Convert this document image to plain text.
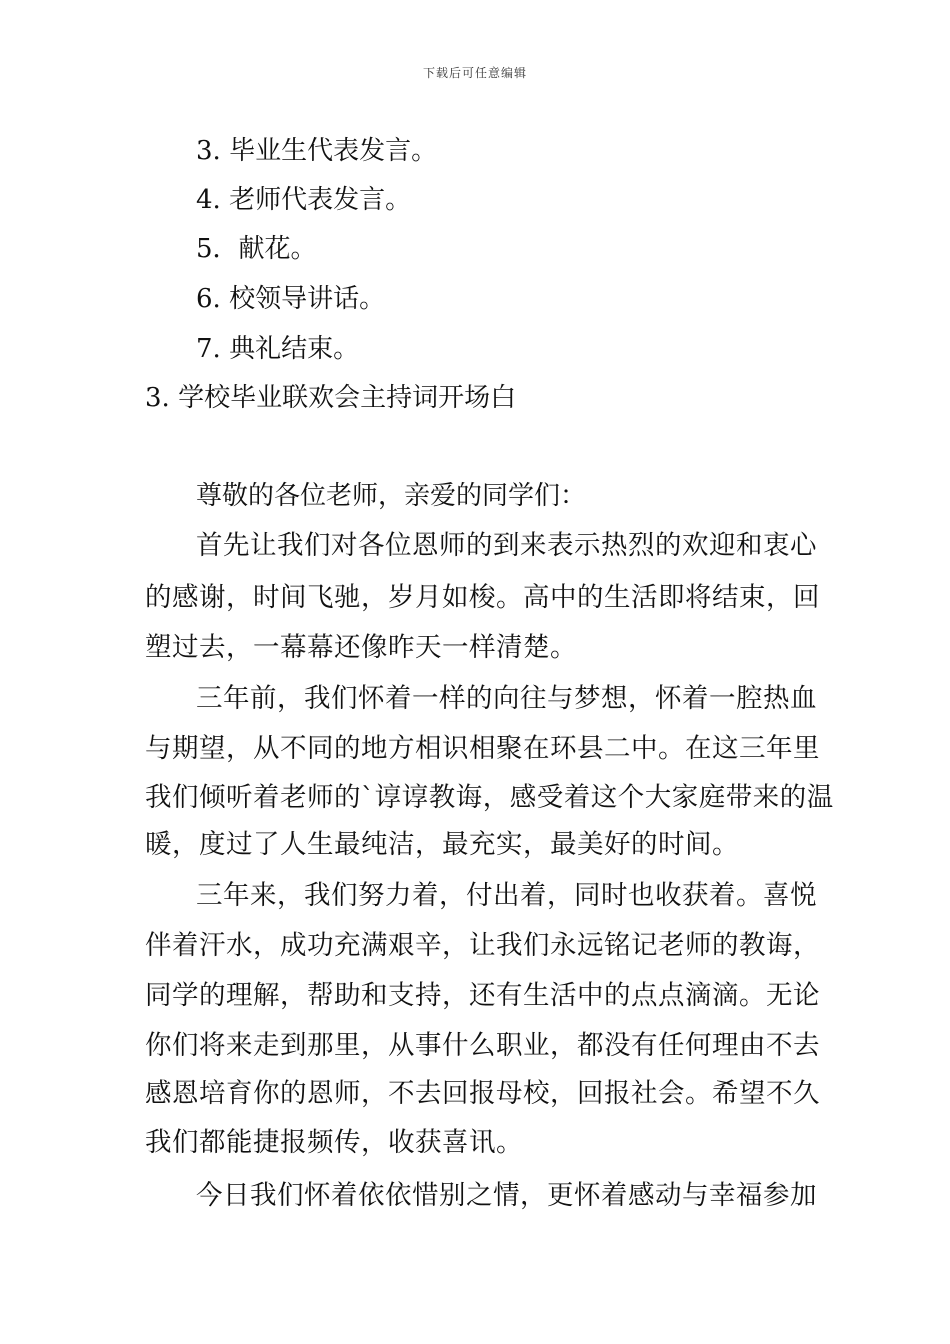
下载后可任意编辑
3. 毕业生代表发言。
4. 老师代表发言。
5．献花。
6. 校领导讲话。
7. 典礼结束。
3. 学校毕业联欢会主持词开场白
尊敬的各位老师，亲爱的同学们：
首先让我们对各位恩师的到来表示热烈的欢迎和衷心
的感谢，时间飞驰，岁月如梭。高中的生活即将结束，回
塑过去，一幕幕还像昨天一样清楚。
三年前，我们怀着一样的向往与梦想，怀着一腔热血
与期望，从不同的地方相识相聚在环县二中。在这三年里
我们倾听着老师的`谆谆教诲，感受着这个大家庭带来的温
暖，度过了人生最纯洁，最充实，最美好的时间。
三年来，我们努力着，付出着，同时也收获着。喜悦
伴着汗水，成功充满艰辛，让我们永远铭记老师的教诲，
同学的理解，帮助和支持，还有生活中的点点滴滴。无论
你们将来走到那里，从事什么职业，都没有任何理由不去
感恩培育你的恩师，不去回报母校，回报社会。希望不久
我们都能捷报频传，收获喜讯。
今日我们怀着依依惜别之情，更怀着感动与幸福参加
